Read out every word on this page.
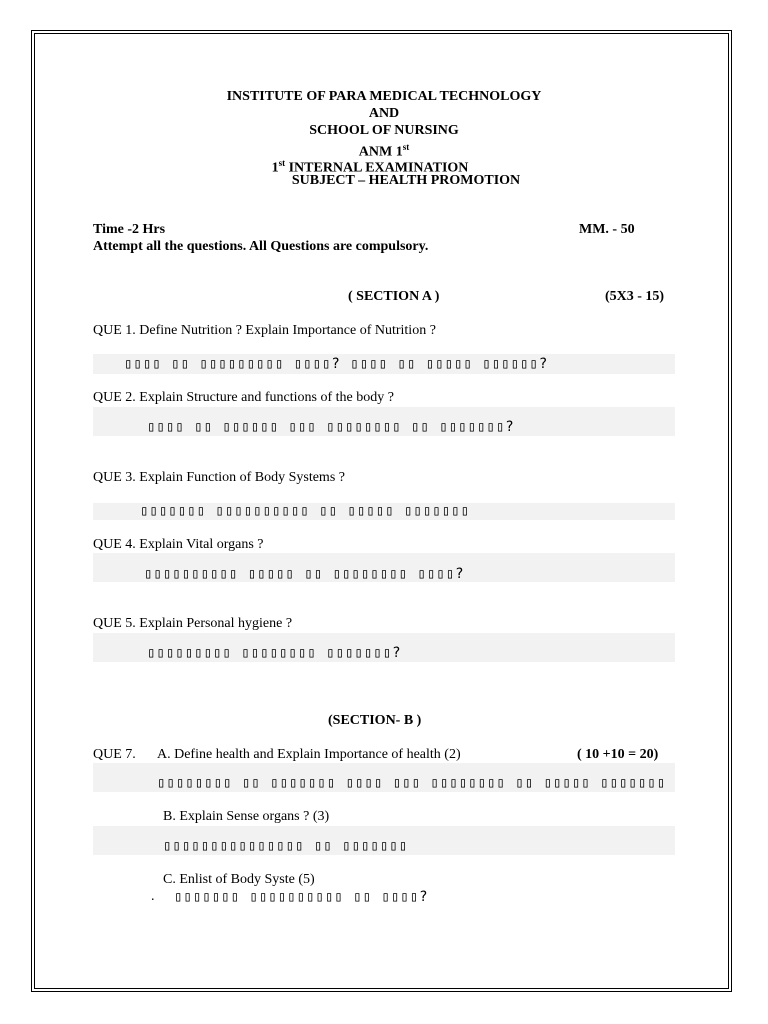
INSTITUTE OF PARA MEDICAL TECHNOLOGY
AND
SCHOOL OF NURSING
ANM 1st
1st INTERNAL EXAMINATION
SUBJECT – HEALTH PROMOTION
Time -2 Hrs	MM. - 50
Attempt all the questions. All Questions are compulsory.
( SECTION A )	(5X3 - 15)
QUE 1. Define Nutrition ? Explain Importance of Nutrition ?
▯▯▯▯ ▯▯ ▯▯▯▯▯▯▯▯▯ ▯▯▯▯? ▯▯▯▯ ▯▯ ▯▯▯▯▯ ▯▯▯▯▯▯?
QUE 2. Explain Structure and functions of the body ?
▯▯▯▯ ▯▯ ▯▯▯▯▯▯ ▯▯▯ ▯▯▯▯▯▯▯▯ ▯▯ ▯▯▯▯▯▯▯?
QUE 3. Explain Function of Body Systems ?
▯▯▯▯▯▯▯ ▯▯▯▯▯▯▯▯▯▯ ▯▯ ▯▯▯▯▯ ▯▯▯▯▯▯▯
QUE 4. Explain Vital organs ?
▯▯▯▯▯▯▯▯▯▯ ▯▯▯▯▯ ▯▯ ▯▯▯▯▯▯▯▯ ▯▯▯▯?
QUE 5. Explain Personal hygiene ?
▯▯▯▯▯▯▯▯▯ ▯▯▯▯▯▯▯▯ ▯▯▯▯▯▯▯?
(SECTION- B )
QUE 7. A. Define health and Explain Importance of health (2)	( 10 +10 = 20)
▯▯▯▯▯▯▯▯ ▯▯ ▯▯▯▯▯▯▯ ▯▯▯▯ ▯▯▯ ▯▯▯▯▯▯▯▯ ▯▯ ▯▯▯▯▯ ▯▯▯▯▯▯▯
B. Explain Sense organs ? (3)
▯▯▯▯▯▯▯▯▯▯▯▯▯▯▯ ▯▯ ▯▯▯▯▯▯▯
C. Enlist of Body Syste (5)
. ▯▯▯▯▯▯▯ ▯▯▯▯▯▯▯▯▯▯ ▯▯ ▯▯▯▯?
